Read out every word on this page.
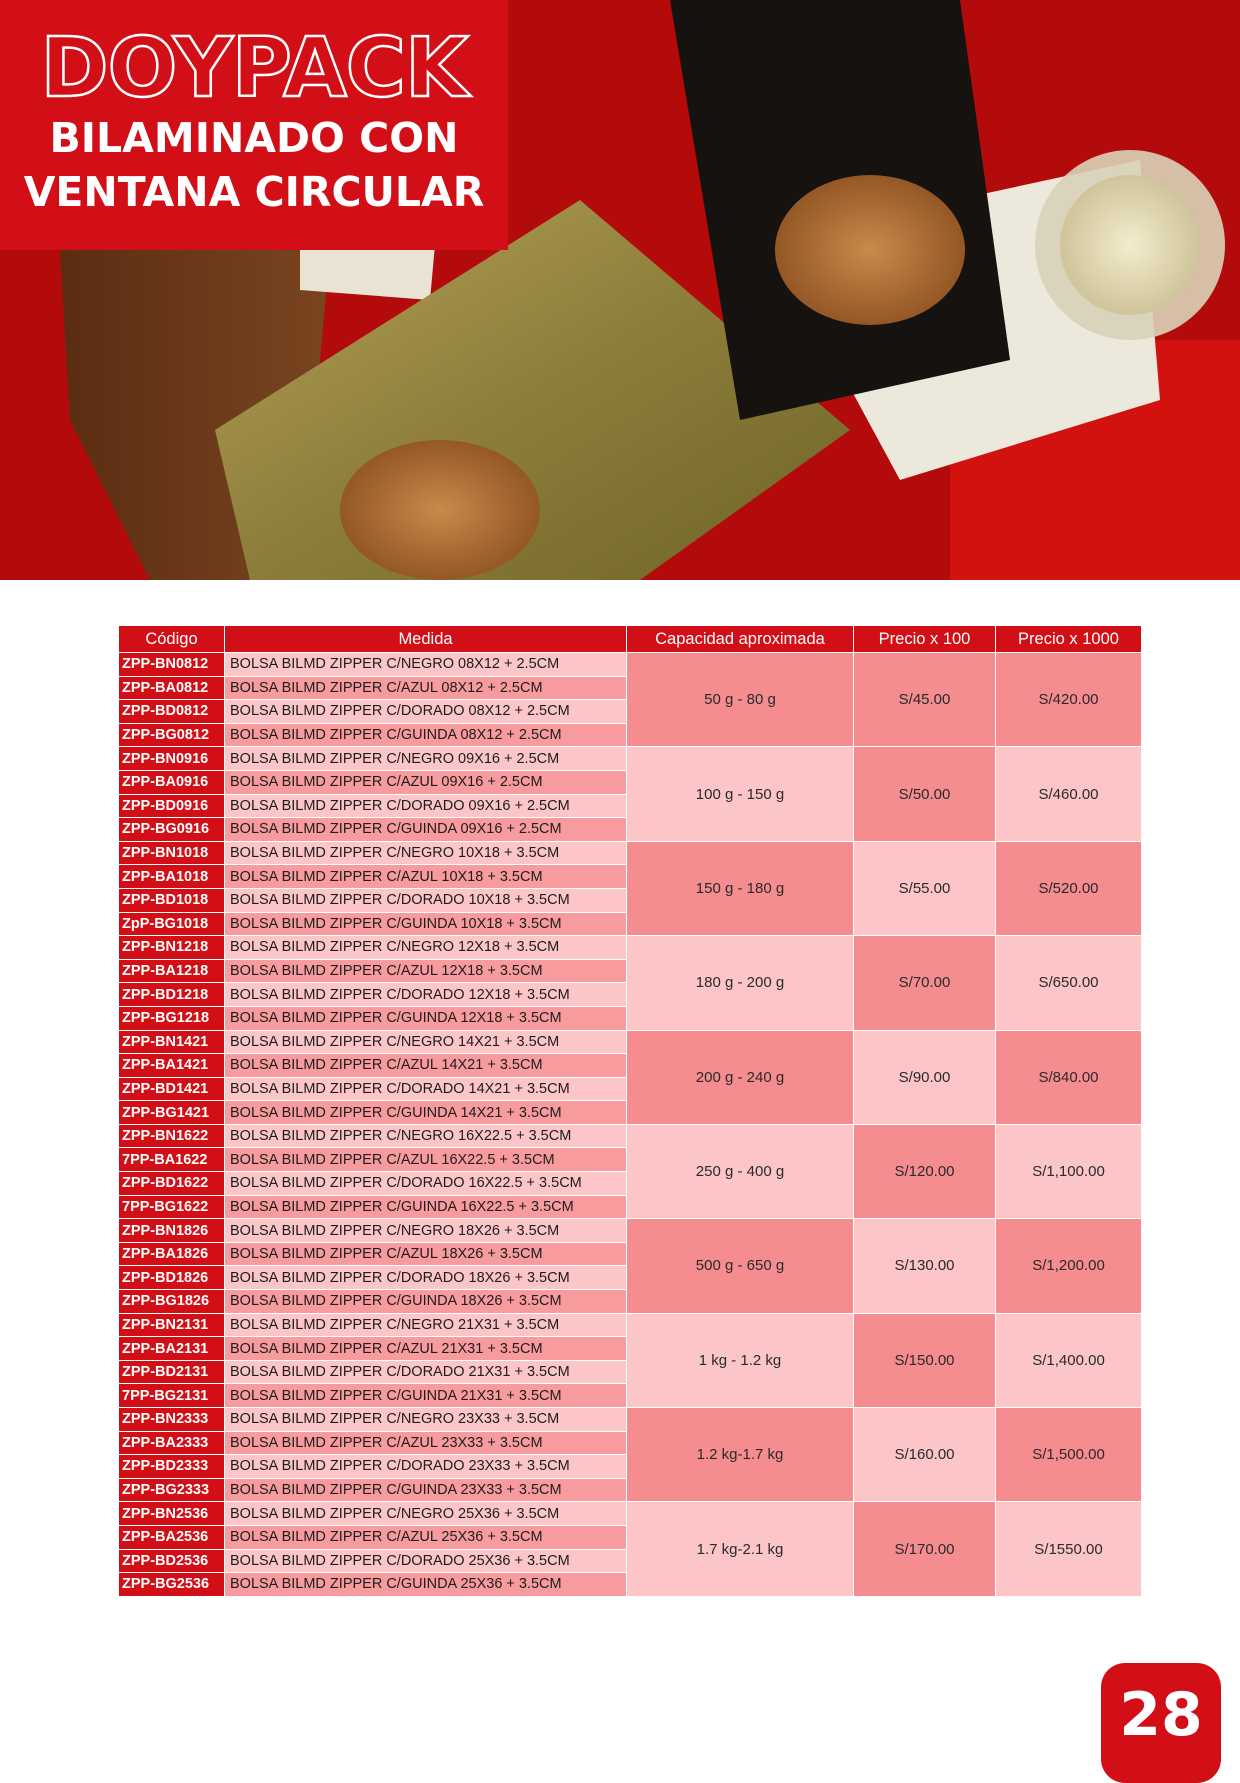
DOYPACK
BILAMINADO CON
VENTANA CIRCULAR
Código	Medida	Capacidad aproximada	Precio x 100	Precio x 1000
ZPP-BN0812	BOLSA BILMD ZIPPER C/NEGRO 08X12 + 2.5CM	50 g - 80 g	S/45.00	S/420.00
ZPP-BA0812	BOLSA BILMD ZIPPER C/AZUL 08X12 + 2.5CM			
ZPP-BD0812	BOLSA BILMD ZIPPER C/DORADO 08X12 + 2.5CM			
ZPP-BG0812	BOLSA BILMD ZIPPER C/GUINDA 08X12 + 2.5CM			
ZPP-BN0916	BOLSA BILMD ZIPPER C/NEGRO 09X16 + 2.5CM	100 g - 150 g	S/50.00	S/460.00
ZPP-BA0916	BOLSA BILMD ZIPPER C/AZUL 09X16 + 2.5CM			
ZPP-BD0916	BOLSA BILMD ZIPPER C/DORADO 09X16 + 2.5CM			
ZPP-BG0916	BOLSA BILMD ZIPPER C/GUINDA 09X16 + 2.5CM			
ZPP-BN1018	BOLSA BILMD ZIPPER C/NEGRO 10X18 + 3.5CM	150 g - 180 g	S/55.00	S/520.00
ZPP-BA1018	BOLSA BILMD ZIPPER C/AZUL 10X18 + 3.5CM			
ZPP-BD1018	BOLSA BILMD ZIPPER C/DORADO 10X18 + 3.5CM			
ZpP-BG1018	BOLSA BILMD ZIPPER C/GUINDA 10X18 + 3.5CM			
ZPP-BN1218	BOLSA BILMD ZIPPER C/NEGRO 12X18 + 3.5CM	180 g - 200 g	S/70.00	S/650.00
ZPP-BA1218	BOLSA BILMD ZIPPER C/AZUL 12X18 + 3.5CM			
ZPP-BD1218	BOLSA BILMD ZIPPER C/DORADO 12X18 + 3.5CM			
ZPP-BG1218	BOLSA BILMD ZIPPER C/GUINDA 12X18 + 3.5CM			
ZPP-BN1421	BOLSA BILMD ZIPPER C/NEGRO 14X21 + 3.5CM	200 g - 240 g	S/90.00	S/840.00
ZPP-BA1421	BOLSA BILMD ZIPPER C/AZUL 14X21 + 3.5CM			
ZPP-BD1421	BOLSA BILMD ZIPPER C/DORADO 14X21 + 3.5CM			
ZPP-BG1421	BOLSA BILMD ZIPPER C/GUINDA 14X21 + 3.5CM			
ZPP-BN1622	BOLSA BILMD ZIPPER C/NEGRO 16X22.5 + 3.5CM	250 g - 400 g	S/120.00	S/1,100.00
7PP-BA1622	BOLSA BILMD ZIPPER C/AZUL 16X22.5 + 3.5CM			
ZPP-BD1622	BOLSA BILMD ZIPPER C/DORADO 16X22.5 + 3.5CM			
7PP-BG1622	BOLSA BILMD ZIPPER C/GUINDA 16X22.5 + 3.5CM			
ZPP-BN1826	BOLSA BILMD ZIPPER C/NEGRO 18X26 + 3.5CM	500 g - 650 g	S/130.00	S/1,200.00
ZPP-BA1826	BOLSA BILMD ZIPPER C/AZUL 18X26 + 3.5CM			
ZPP-BD1826	BOLSA BILMD ZIPPER C/DORADO 18X26 + 3.5CM			
ZPP-BG1826	BOLSA BILMD ZIPPER C/GUINDA 18X26 + 3.5CM			
ZPP-BN2131	BOLSA BILMD ZIPPER C/NEGRO 21X31 + 3.5CM	1 kg - 1.2 kg	S/150.00	S/1,400.00
ZPP-BA2131	BOLSA BILMD ZIPPER C/AZUL 21X31 + 3.5CM			
ZPP-BD2131	BOLSA BILMD ZIPPER C/DORADO 21X31 + 3.5CM			
7PP-BG2131	BOLSA BILMD ZIPPER C/GUINDA 21X31 + 3.5CM			
ZPP-BN2333	BOLSA BILMD ZIPPER C/NEGRO 23X33 + 3.5CM	1.2 kg-1.7 kg	S/160.00	S/1,500.00
ZPP-BA2333	BOLSA BILMD ZIPPER C/AZUL 23X33 + 3.5CM			
ZPP-BD2333	BOLSA BILMD ZIPPER C/DORADO 23X33 + 3.5CM			
ZPP-BG2333	BOLSA BILMD ZIPPER C/GUINDA 23X33 + 3.5CM			
ZPP-BN2536	BOLSA BILMD ZIPPER C/NEGRO 25X36 + 3.5CM	1.7 kg-2.1 kg	S/170.00	S/1550.00
ZPP-BA2536	BOLSA BILMD ZIPPER C/AZUL 25X36 + 3.5CM			
ZPP-BD2536	BOLSA BILMD ZIPPER C/DORADO 25X36 + 3.5CM			
ZPP-BG2536	BOLSA BILMD ZIPPER C/GUINDA 25X36 + 3.5CM			
28
